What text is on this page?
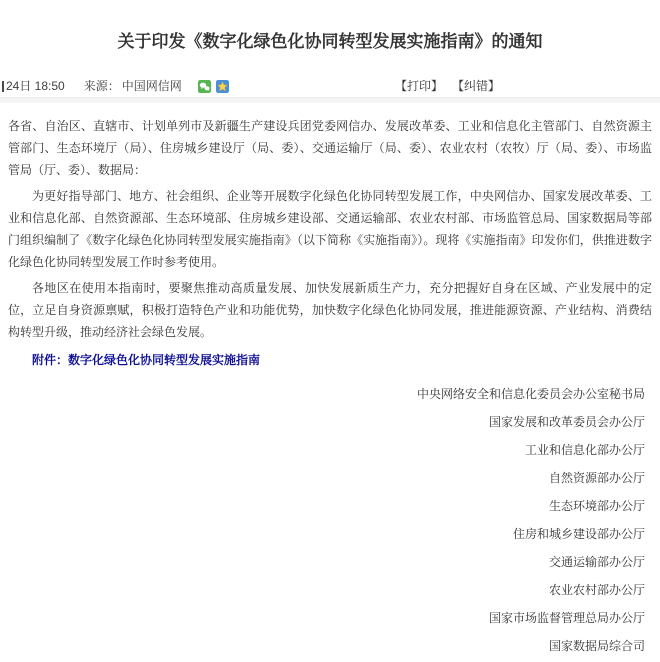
关于印发《数字化绿色化协同转型发展实施指南》的通知
24日 18:50 来源： 中国网信网	【打印】 【纠错】

各省、自治区、直辖市、计划单列市及新疆生产建设兵团党委网信办、发展改革委、工业和信息化主管部门、自然资源主管部门、生态环境厅（局）、住房城乡建设厅（局、委）、交通运输厅（局、委）、农业农村（农牧）厅（局、委）、市场监管局（厅、委）、数据局：

为更好指导部门、地方、社会组织、企业等开展数字化绿色化协同转型发展工作，中央网信办、国家发展改革委、工业和信息化部、自然资源部、生态环境部、住房城乡建设部、交通运输部、农业农村部、市场监管总局、国家数据局等部门组织编制了《数字化绿色化协同转型发展实施指南》（以下简称《实施指南》）。现将《实施指南》印发你们，供推进数字化绿色化协同转型发展工作时参考使用。

各地区在使用本指南时，要聚焦推动高质量发展、加快发展新质生产力，充分把握好自身在区域、产业发展中的定位，立足自身资源禀赋，积极打造特色产业和功能优势，加快数字化绿色化协同发展，推进能源资源、产业结构、消费结构转型升级，推动经济社会绿色发展。

附件：数字化绿色化协同转型发展实施指南

中央网络安全和信息化委员会办公室秘书局
国家发展和改革委员会办公厅
工业和信息化部办公厅
自然资源部办公厅
生态环境部办公厅
住房和城乡建设部办公厅
交通运输部办公厅
农业农村部办公厅
国家市场监督管理总局办公厅
国家数据局综合司
